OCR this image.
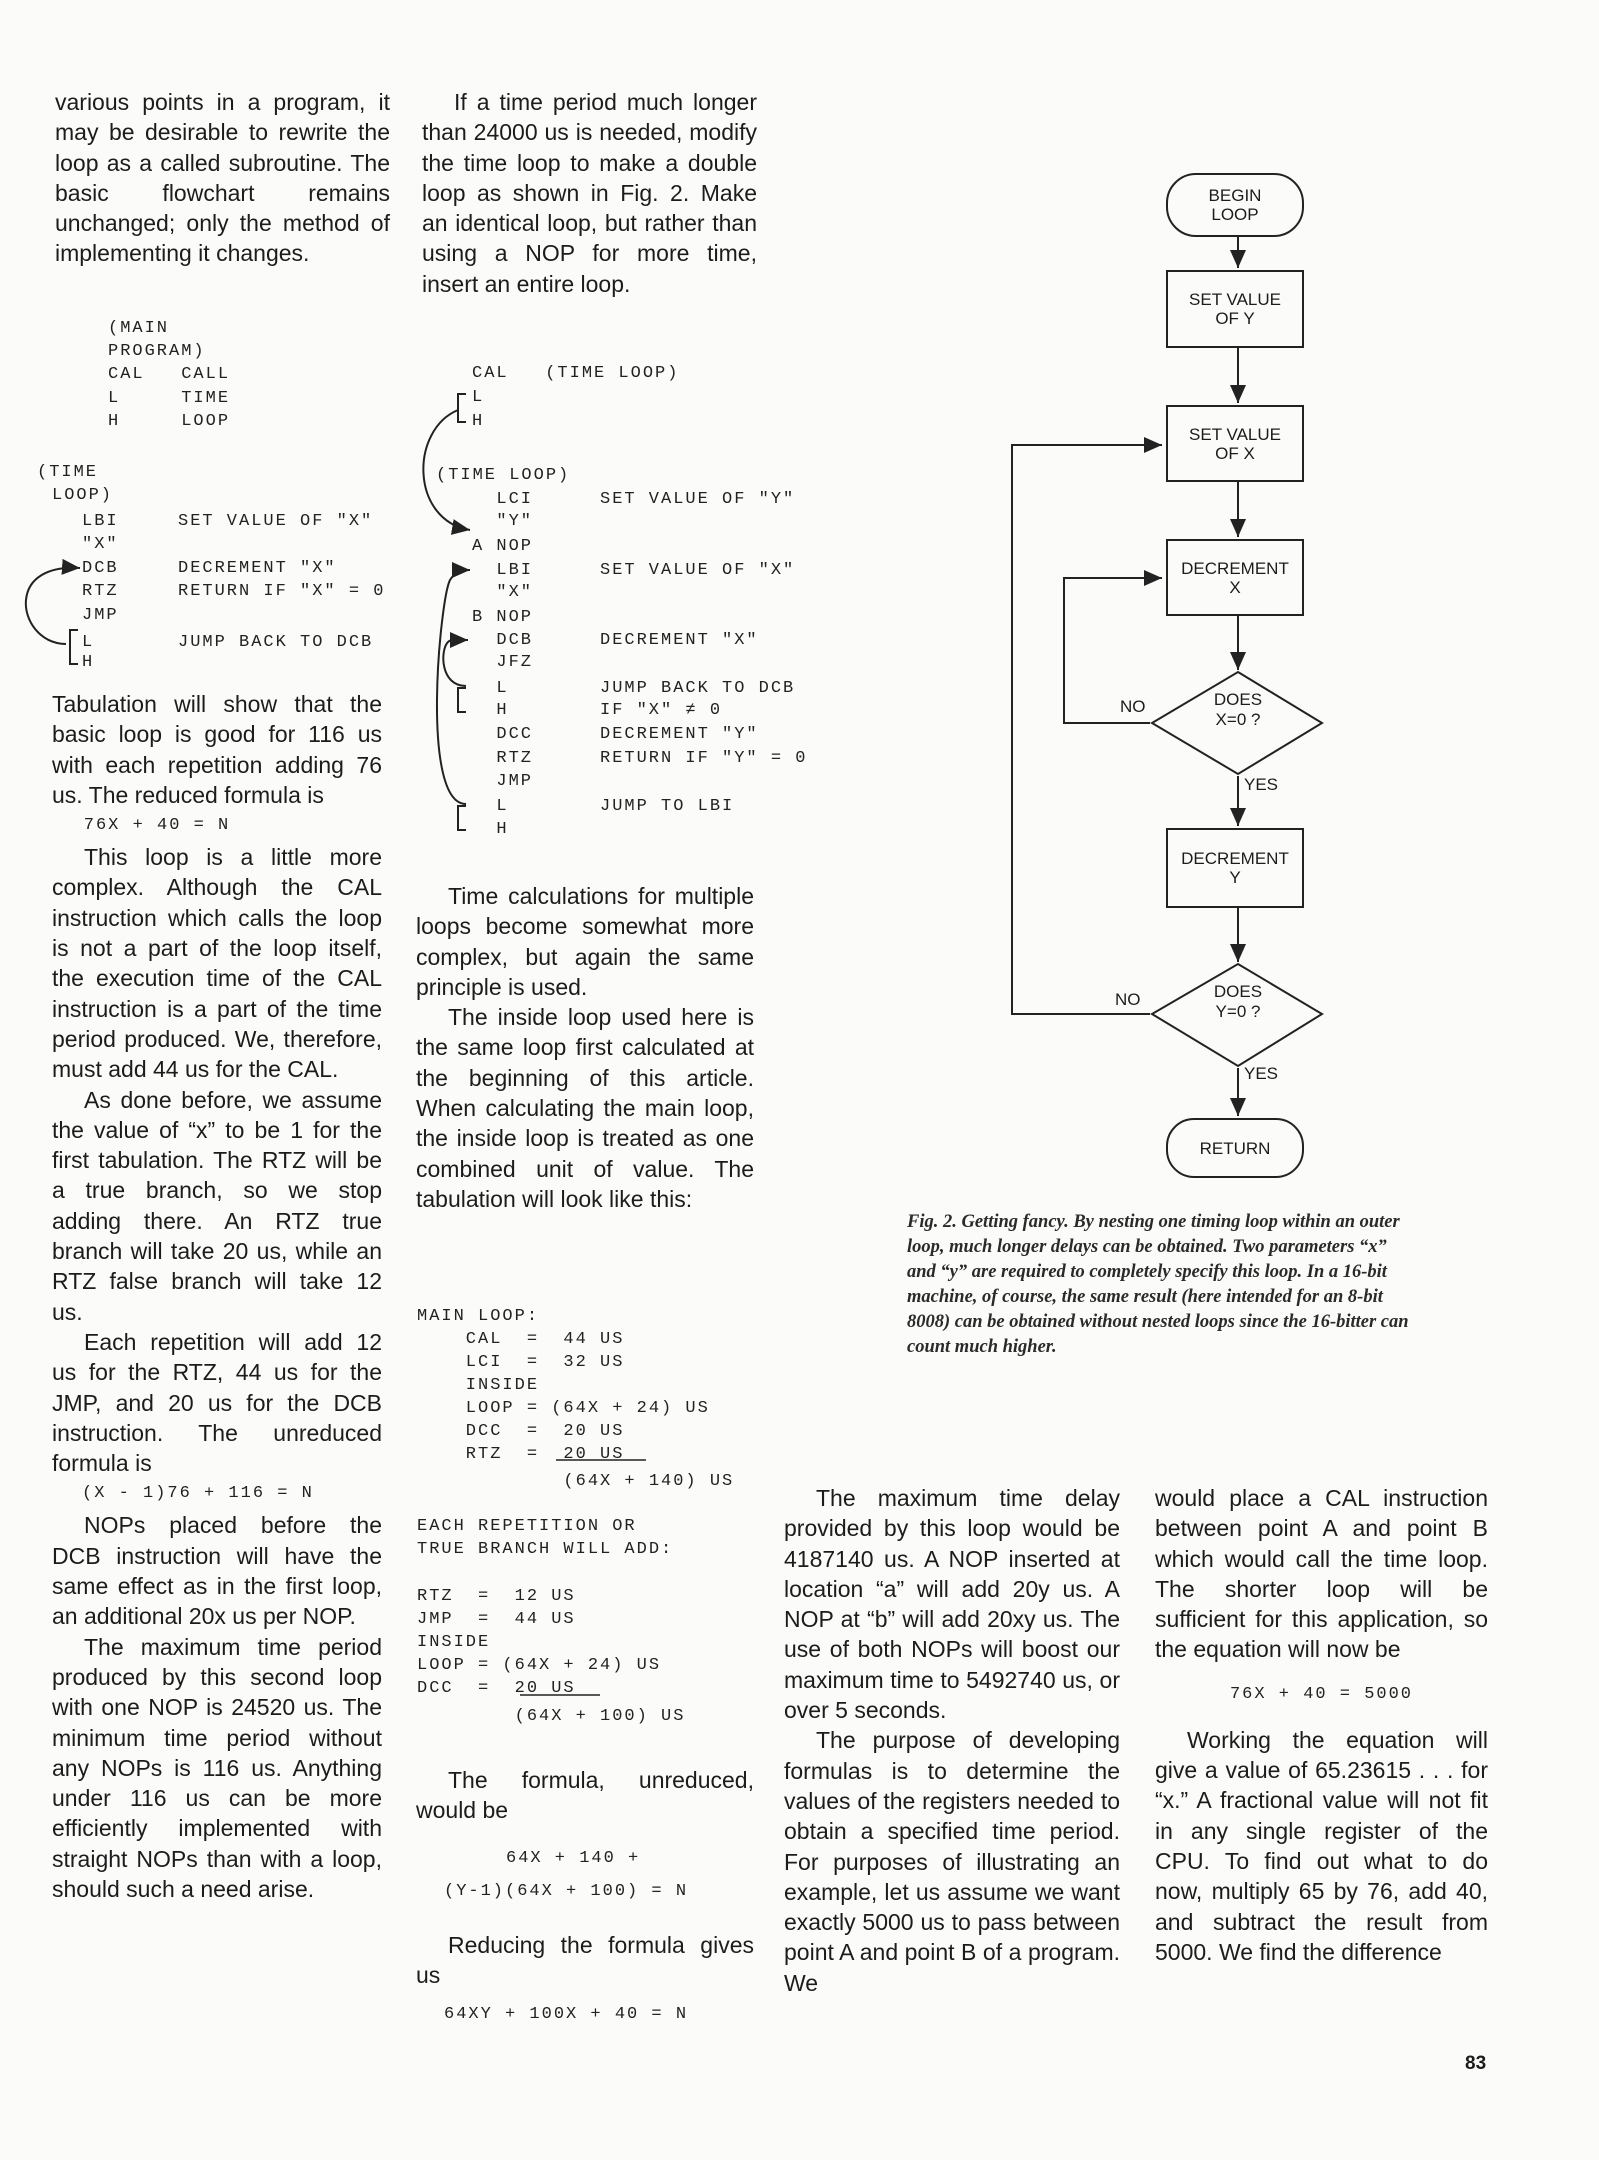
various points in a program, it may be desirable to rewrite the loop as a called subroutine. The basic flowchart remains unchanged; only the method of implementing it changes.

(MAIN
PROGRAM)
CAL   CALL
L     TIME
H     LOOP
(TIME
LOOP)
LBI	SET VALUE OF "X"
"X"
DCB	DECREMENT "X"
RTZ	RETURN IF "X" = 0
JMP
L	JUMP BACK TO DCB
H

Tabulation will show that the basic loop is good for 116 us with each repetition adding 76 us. The reduced formula is

76X + 40 = N

This loop is a little more complex. Although the CAL instruction which calls the loop is not a part of the loop itself, the execution time of the CAL instruction is a part of the time period produced. We, therefore, must add 44 us for the CAL.

As done before, we assume the value of “x” to be 1 for the first tabulation. The RTZ will be a true branch, so we stop adding there. An RTZ true branch will take 20 us, while an RTZ false branch will take 12 us.

Each repetition will add 12 us for the RTZ, 44 us for the JMP, and 20 us for the DCB instruction. The unreduced formula is

(X - 1)76 + 116 = N

NOPs placed before the DCB instruction will have the same effect as in the first loop, an additional 20x us per NOP.

The maximum time period produced by this second loop with one NOP is 24520 us. The minimum time period without any NOPs is 116 us. Anything under 116 us can be more efficiently implemented with straight NOPs than with a loop, should such a need arise.

If a time period much longer than 24000 us is needed, modify the time loop to make a double loop as shown in Fig. 2. Make an identical loop, but rather than using a NOP for more time, insert an entire loop.

CAL   (TIME LOOP)
L
H
(TIME LOOP)
LCI	SET VALUE OF "Y"
"Y"
A NOP
LBI	SET VALUE OF "X"
"X"
B NOP
DCB	DECREMENT "X"
JFZ
L	JUMP BACK TO DCB
H	IF "X" ≠ 0
DCC	DECREMENT "Y"
RTZ	RETURN IF "Y" = 0
JMP
L	JUMP TO LBI
H

Time calculations for multiple loops become somewhat more complex, but again the same principle is used.

The inside loop used here is the same loop first calculated at the beginning of this article. When calculating the main loop, the inside loop is treated as one combined unit of value. The tabulation will look like this:

MAIN LOOP:
CAL  =  44 US
LCI  =  32 US
INSIDE
LOOP = (64X + 24) US
DCC  =  20 US
RTZ  =  20 US
(64X + 140) US
EACH REPETITION OR
TRUE BRANCH WILL ADD:
RTZ  =  12 US
JMP  =  44 US
INSIDE
LOOP = (64X + 24) US
DCC  =  20 US
(64X + 100) US

The formula, unreduced, would be

64X + 140 +
(Y-1)(64X + 100) = N

Reducing the formula gives us

64XY + 100X + 40 = N
BEGIN LOOP
SET VALUE OF Y
SET VALUE OF X
DECREMENT X
DOES X=0 ?
DECREMENT Y
DOES Y=0 ?
RETURN
NO
YES
NO
YES
Fig. 2. Getting fancy. By nesting one timing loop within an outer loop, much longer delays can be obtained. Two parameters “x” and “y” are required to completely specify this loop. In a 16-bit machine, of course, the same result (here intended for an 8-bit 8008) can be obtained without nested loops since the 16-bitter can count much higher.

The maximum time delay provided by this loop would be 4187140 us. A NOP inserted at location “a” will add 20y us. A NOP at “b” will add 20xy us. The use of both NOPs will boost our maximum time to 5492740 us, or over 5 seconds.

The purpose of developing formulas is to determine the values of the registers needed to obtain a specified time period. For purposes of illustrating an example, let us assume we want exactly 5000 us to pass between point A and point B of a program. We

would place a CAL instruction between point A and point B which would call the time loop. The shorter loop will be sufficient for this application, so the equation will now be

76X + 40 = 5000

Working the equation will give a value of 65.23615 . . . for “x.” A fractional value will not fit in any single register of the CPU. To find out what to do now, multiply 65 by 76, add 40, and subtract the result from 5000. We find the difference

83
